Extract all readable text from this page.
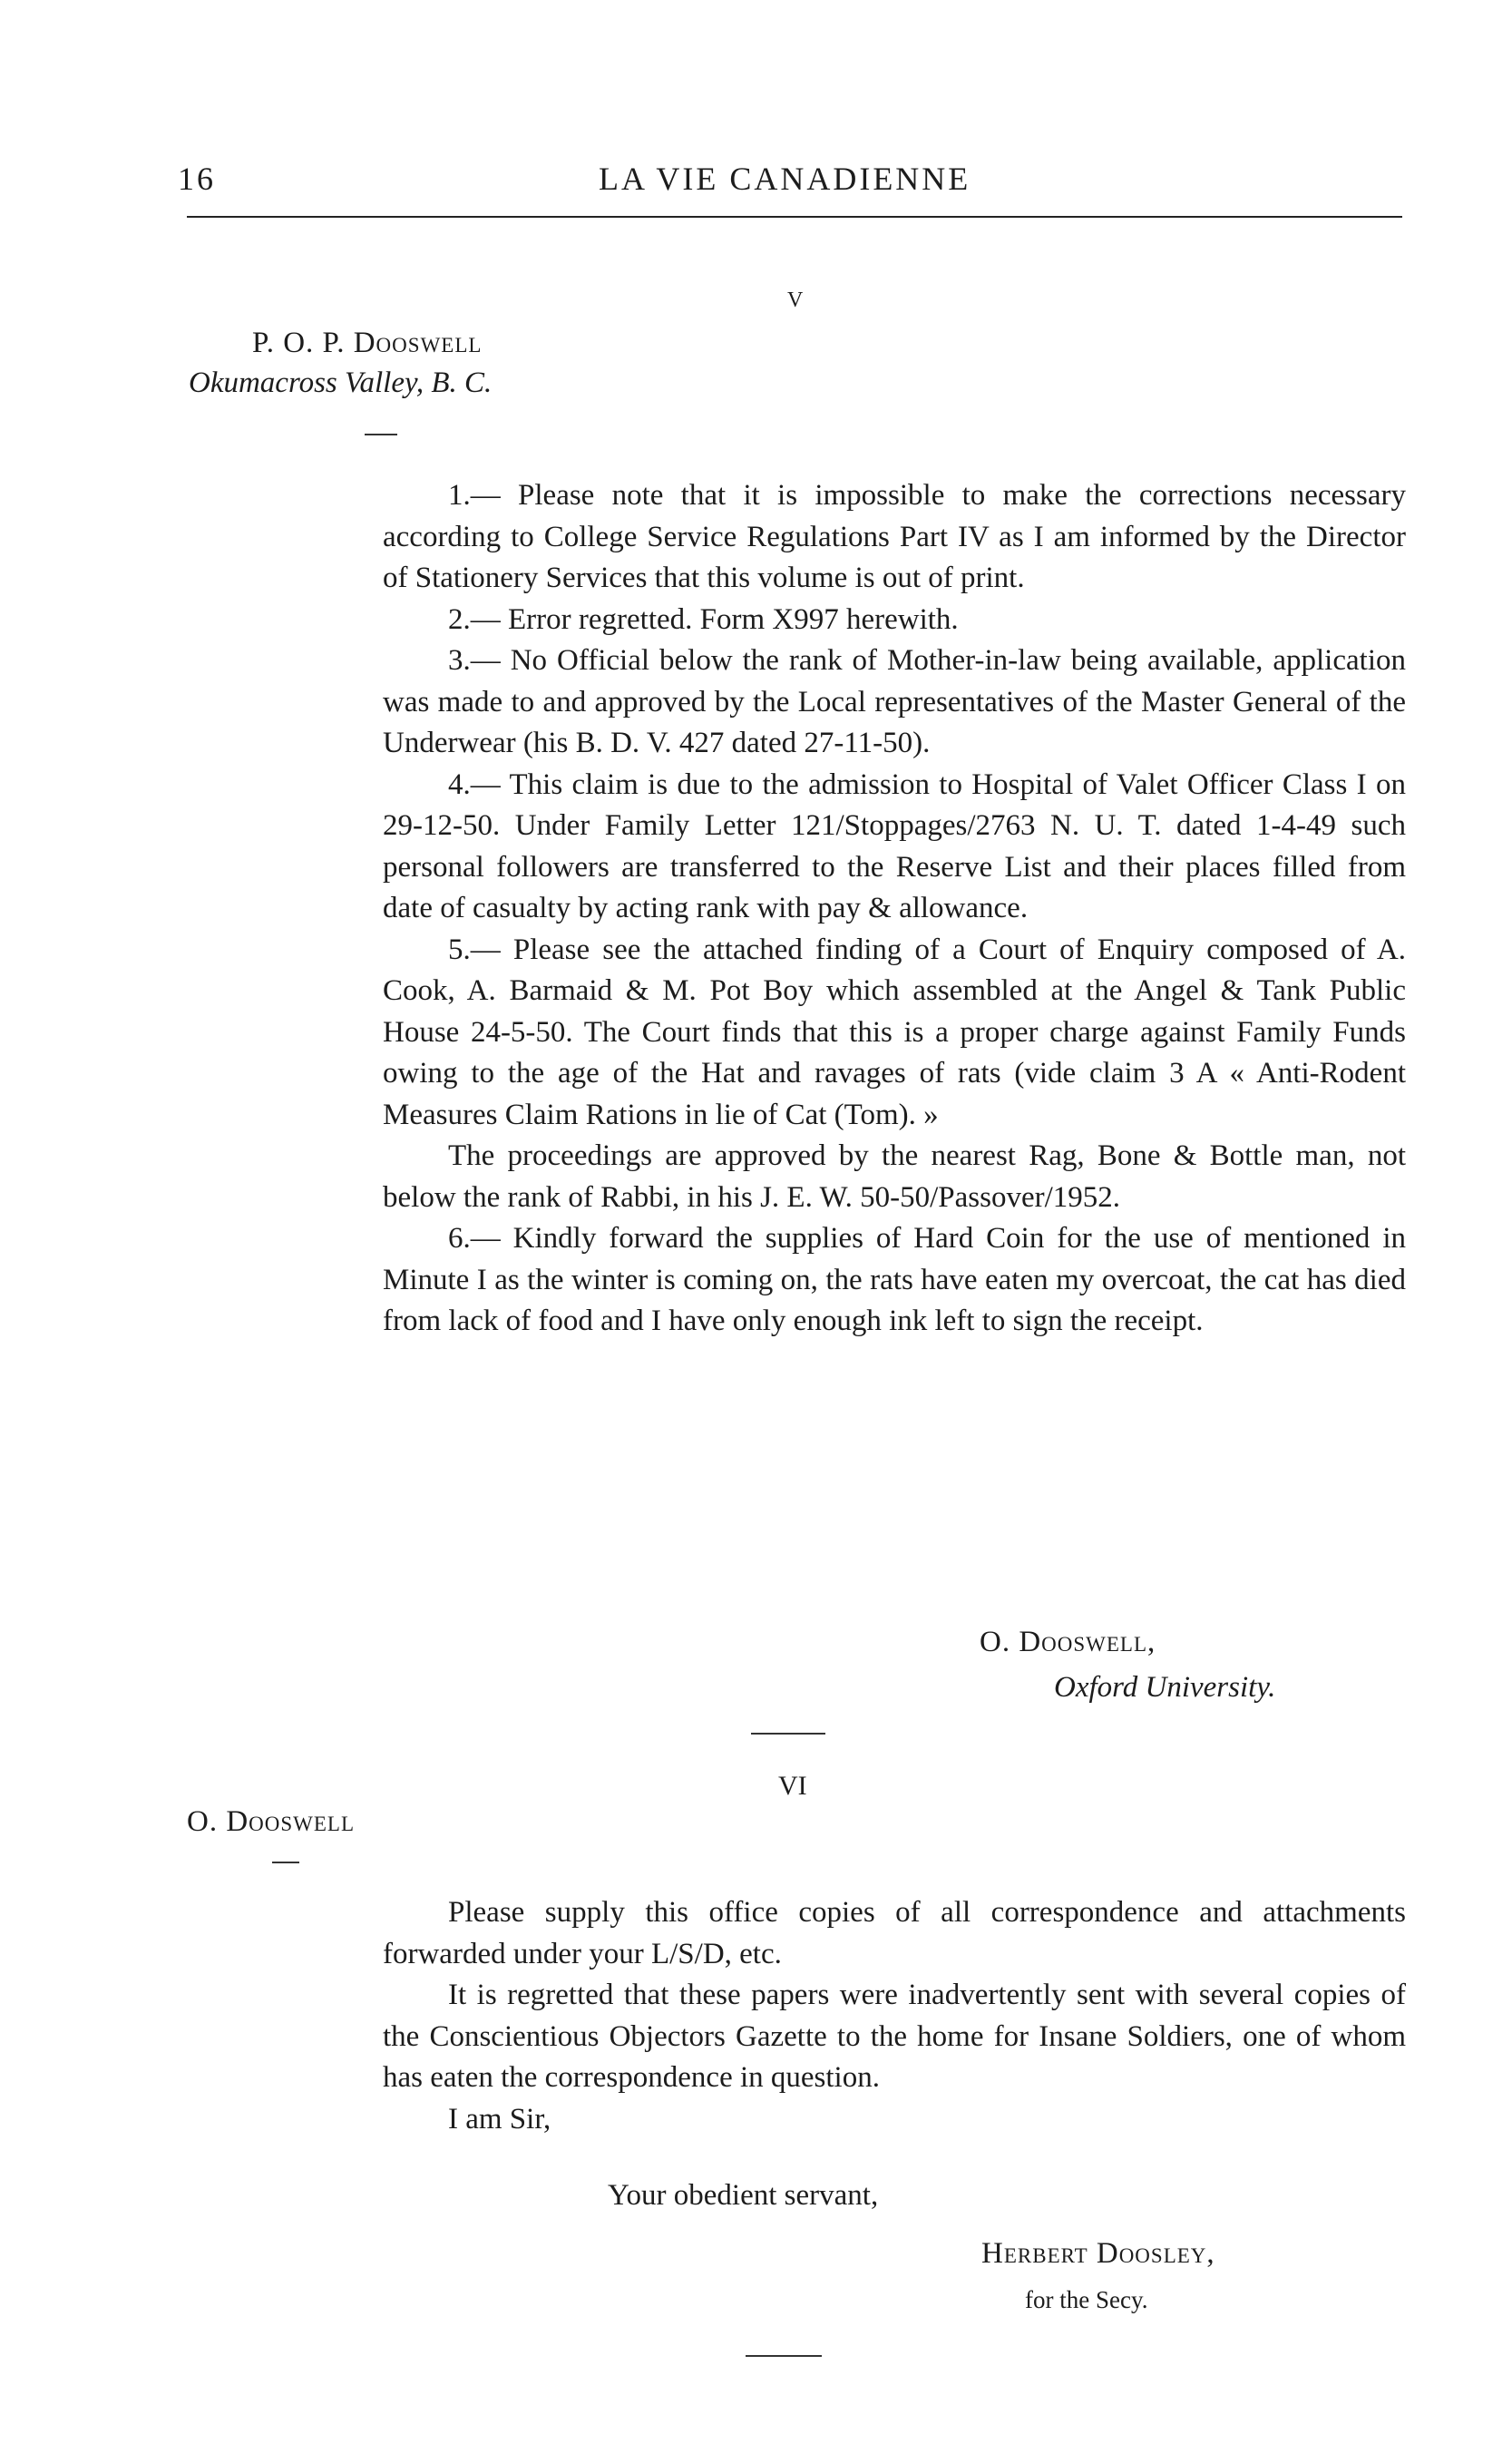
16	LA VIE CANADIENNE
V
P. O. P. Dooswell
Okumacross Valley, B. C.

1.— Please note that it is impossible to make the corrections necessary according to College Service Regulations Part IV as I am informed by the Director of Stationery Services that this volume is out of print.

2.— Error regretted. Form X997 herewith.

3.— No Official below the rank of Mother-in-law being available, application was made to and approved by the Local representatives of the Master General of the Underwear (his B. D. V. 427 dated 27-11-50).

4.— This claim is due to the admission to Hospital of Valet Officer Class I on 29-12-50. Under Family Letter 121/Stoppages/2763 N. U. T. dated 1-4-49 such personal followers are transferred to the Reserve List and their places filled from date of casualty by acting rank with pay & allowance.

5.— Please see the attached finding of a Court of Enquiry composed of A. Cook, A. Barmaid & M. Pot Boy which assembled at the Angel & Tank Public House 24-5-50. The Court finds that this is a proper charge against Family Funds owing to the age of the Hat and ravages of rats (vide claim 3 A « Anti-Rodent Measures Claim Rations in lie of Cat (Tom). »

The proceedings are approved by the nearest Rag, Bone & Bottle man, not below the rank of Rabbi, in his J. E. W. 50-50/Passover/1952.

6.— Kindly forward the supplies of Hard Coin for the use of mentioned in Minute I as the winter is coming on, the rats have eaten my overcoat, the cat has died from lack of food and I have only enough ink left to sign the receipt.

O. Dooswell,
Oxford University.
VI
O. Dooswell

Please supply this office copies of all correspondence and attachments forwarded under your L/S/D, etc.

It is regretted that these papers were inadvertently sent with several copies of the Conscientious Objectors Gazette to the home for Insane Soldiers, one of whom has eaten the correspondence in question.

I am Sir,

Your obedient servant,
Herbert Doosley,
for the Secy.
